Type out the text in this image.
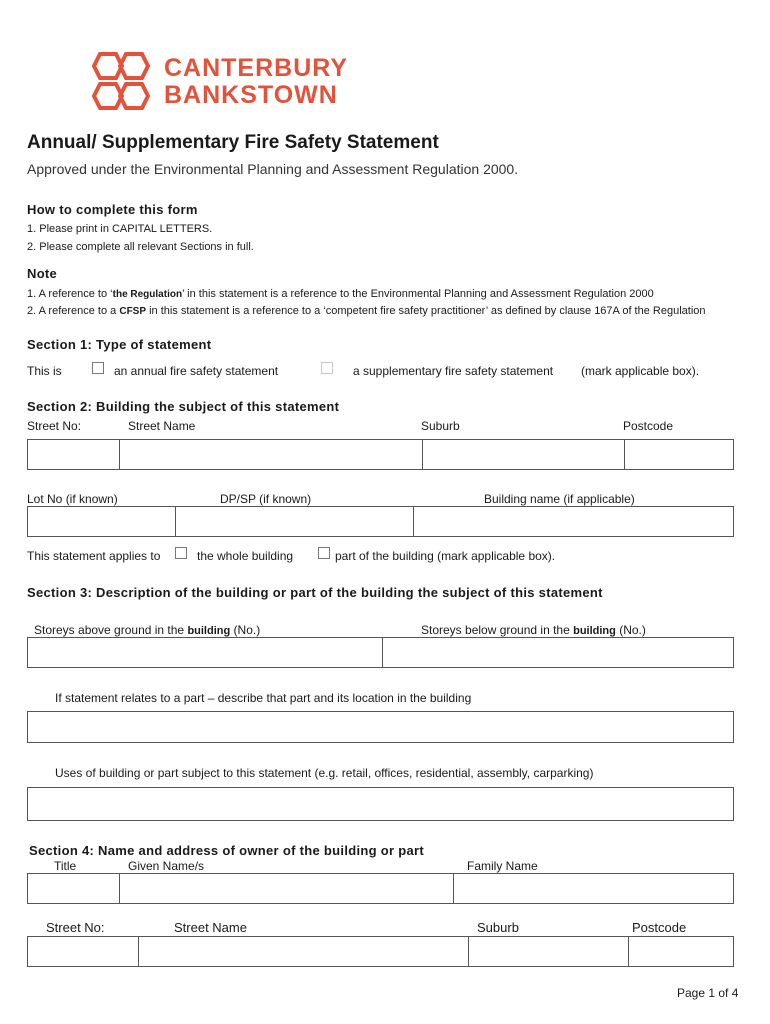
CANTERBURY
BANKSTOWN
Annual/ Supplementary Fire Safety Statement
Approved under the Environmental Planning and Assessment Regulation 2000.
How to complete this form
1. Please print in CAPITAL LETTERS.
2. Please complete all relevant Sections in full.
Note
1. A reference to ‘the Regulation’ in this statement is a reference to the Environmental Planning and Assessment Regulation 2000
2. A reference to a CFSP in this statement is a reference to a ‘competent fire safety practitioner’ as defined by clause 167A of the Regulation
Section 1: Type of statement
This is	an annual fire safety statement	a supplementary fire safety statement (mark applicable box).
Section 2: Building the subject of this statement
Street No:	Street Name	Suburb	Postcode
Lot No (if known)	DP/SP (if known)	Building name (if applicable)
This statement applies to	the whole building	part of the building (mark applicable box).
Section 3: Description of the building or part of the building the subject of this statement
Storeys above ground in the building (No.)	Storeys below ground in the building (No.)
If statement relates to a part – describe that part and its location in the building
Uses of building or part subject to this statement (e.g. retail, offices, residential, assembly, carparking)
Section 4: Name and address of owner of the building or part
Title	Given Name/s	Family Name
Street No:	Street Name	Suburb	Postcode
Page 1 of 4
